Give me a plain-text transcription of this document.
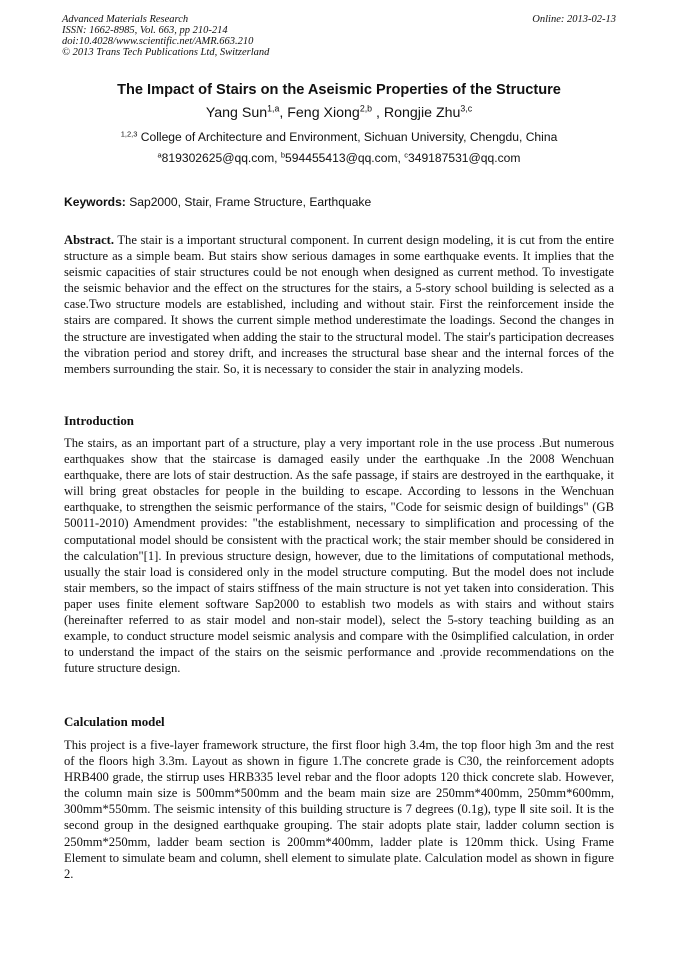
Advanced Materials Research
ISSN: 1662-8985, Vol. 663, pp 210-214
doi:10.4028/www.scientific.net/AMR.663.210
© 2013 Trans Tech Publications Ltd, Switzerland
Online: 2013-02-13
The Impact of Stairs on the Aseismic Properties of the Structure
Yang Sun$^{1,a}$, Feng Xiong$^{2,b}$ , Rongjie Zhu$^{3,c}$
$^{1,2,3}$ College of Architecture and Environment, Sichuan University, Chengdu, China
$^a$819302625@qq.com, $^b$594455413@qq.com, $^c$349187531@qq.com
Keywords: Sap2000, Stair, Frame Structure, Earthquake
Abstract. The stair is a important structural component. In current design modeling, it is cut from the entire structure as a simple beam. But stairs show serious damages in some earthquake events. It implies that the seismic capacities of stair structures could be not enough when designed as current method. To investigate the seismic behavior and the effect on the structures for the stairs, a 5-story school building is selected as a case.Two structure models are established, including and without stair. First the reinforcement inside the stairs are compared. It shows the current simple method underestimate the loadings. Second the changes in the structure are investigated when adding the stair to the structural model. The stair's participation decreases the vibration period and storey drift, and increases the structural base shear and the internal forces of the members surrounding the stair. So, it is necessary to consider the stair in analyzing models.
Introduction
The stairs, as an important part of a structure, play a very important role in the use process .But numerous earthquakes show that the staircase is damaged easily under the earthquake .In the 2008 Wenchuan earthquake, there are lots of stair destruction. As the safe passage, if stairs are destroyed in the earthquake, it will bring great obstacles for people in the building to escape. According to lessons in the Wenchuan earthquake, to strengthen the seismic performance of the stairs, "Code for seismic design of buildings" (GB 50011-2010) Amendment provides: "the establishment, necessary to simplification and processing of the computational model should be consistent with the practical work; the stair member should be considered in the calculation"[1]. In previous structure design, however, due to the limitations of computational methods, usually the stair load is considered only in the model structure computing. But the model does not include stair members, so the impact of stairs stiffness of the main structure is not yet taken into consideration. This paper uses finite element software Sap2000 to establish two models as with stairs and without stairs (hereinafter referred to as stair model and non-stair model), select the 5-story teaching building as an example, to conduct structure model seismic analysis and compare with the 0simplified calculation, in order to understand the impact of the stairs on the seismic performance and .provide recommendations on the future structure design.
Calculation model
This project is a five-layer framework structure, the first floor high 3.4m, the top floor high 3m and the rest of the floors high 3.3m. Layout as shown in figure 1.The concrete grade is C30, the reinforcement adopts HRB400 grade, the stirrup uses HRB335 level rebar and the floor adopts 120 thick concrete slab. However, the column main size is 500mm*500mm and the beam main size are 250mm*400mm, 250mm*600mm, 300mm*550mm. The seismic intensity of this building structure is 7 degrees (0.1g), type Ⅱ site soil. It is the second group in the designed earthquake grouping. The stair adopts plate stair, ladder column section is 250mm*250mm, ladder beam section is 200mm*400mm, ladder plate is 120mm thick. Using Frame Element to simulate beam and column, shell element to simulate plate. Calculation model as shown in figure 2.
